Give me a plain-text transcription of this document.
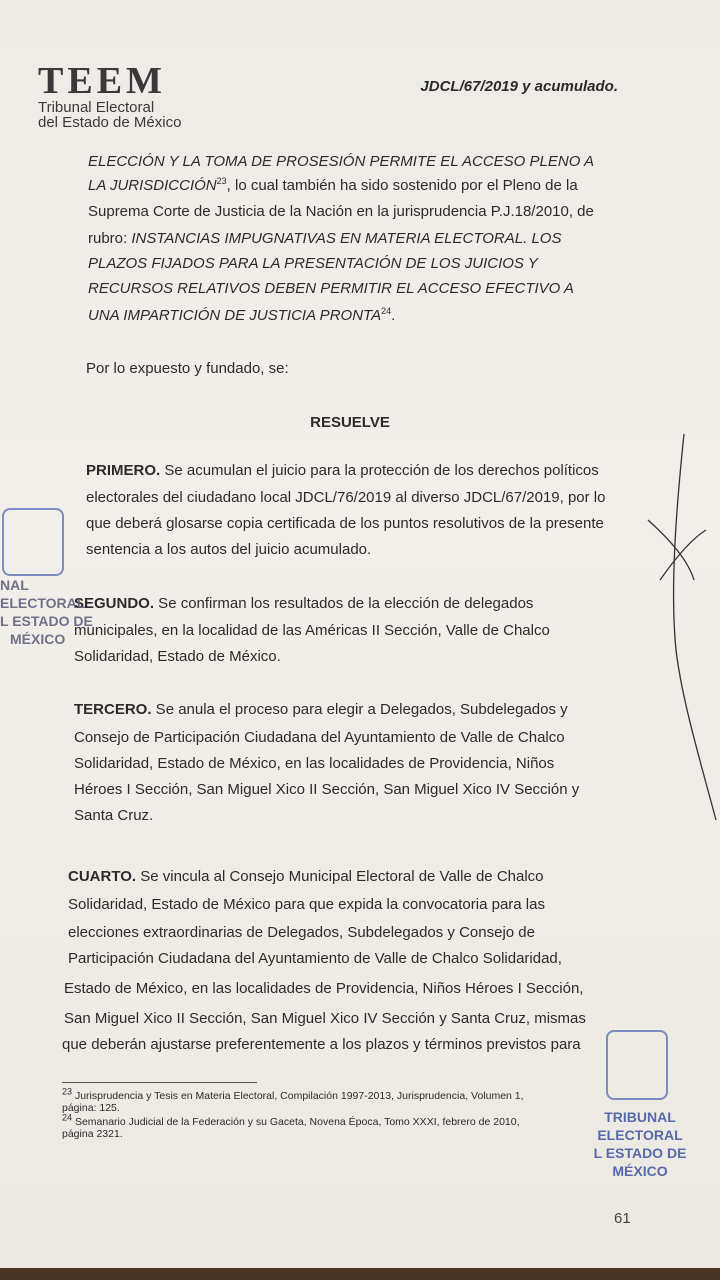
TEEM
Tribunal Electoral
del Estado de México
JDCL/67/2019 y acumulado.
ELECCIÓN Y LA TOMA DE PROSESIÓN PERMITE EL ACCESO PLENO A
LA JURISDICCIÓN$^{23}$, lo cual también ha sido sostenido por el Pleno de la
Suprema Corte de Justicia de la Nación en la jurisprudencia P.J.18/2010, de
rubro: INSTANCIAS IMPUGNATIVAS EN MATERIA ELECTORAL. LOS
PLAZOS FIJADOS PARA LA PRESENTACIÓN DE LOS JUICIOS Y
RECURSOS RELATIVOS DEBEN PERMITIR EL ACCESO EFECTIVO A
UNA IMPARTICIÓN DE JUSTICIA PRONTA$^{24}$.
Por lo expuesto y fundado, se:
RESUELVE
PRIMERO. Se acumulan el juicio para la protección de los derechos políticos
electorales del ciudadano local JDCL/76/2019 al diverso JDCL/67/2019, por lo
que deberá glosarse copia certificada de los puntos resolutivos de la presente
sentencia a los autos del juicio acumulado.
SEGUNDO. Se confirman los resultados de la elección de delegados
municipales, en la localidad de las Américas II Sección, Valle de Chalco
Solidaridad, Estado de México.
TERCERO. Se anula el proceso para elegir a Delegados, Subdelegados y
Consejo de Participación Ciudadana del Ayuntamiento de Valle de Chalco
Solidaridad, Estado de México, en las localidades de Providencia, Niños
Héroes I Sección, San Miguel Xico II Sección, San Miguel Xico IV Sección y
Santa Cruz.
CUARTO. Se vincula al Consejo Municipal Electoral de Valle de Chalco
Solidaridad, Estado de México para que expida la convocatoria para las
elecciones extraordinarias de Delegados, Subdelegados y Consejo de
Participación Ciudadana del Ayuntamiento de Valle de Chalco Solidaridad,
Estado de México, en las localidades de Providencia, Niños Héroes I Sección,
San Miguel Xico II Sección, San Miguel Xico IV Sección y Santa Cruz, mismas
que deberán ajustarse preferentemente a los plazos y términos previstos para
$^{23}$ Jurisprudencia y Tesis en Materia Electoral, Compilación 1997-2013, Jurisprudencia, Volumen 1,
página: 125.
$^{24}$ Semanario Judicial de la Federación y su Gaceta, Novena Época, Tomo XXXI, febrero de 2010,
página 2321.
61
NAL ELECTORAL
L ESTADO DE
MÉXICO
TRIBUNAL ELECTORAL
L ESTADO DE
MÉXICO
